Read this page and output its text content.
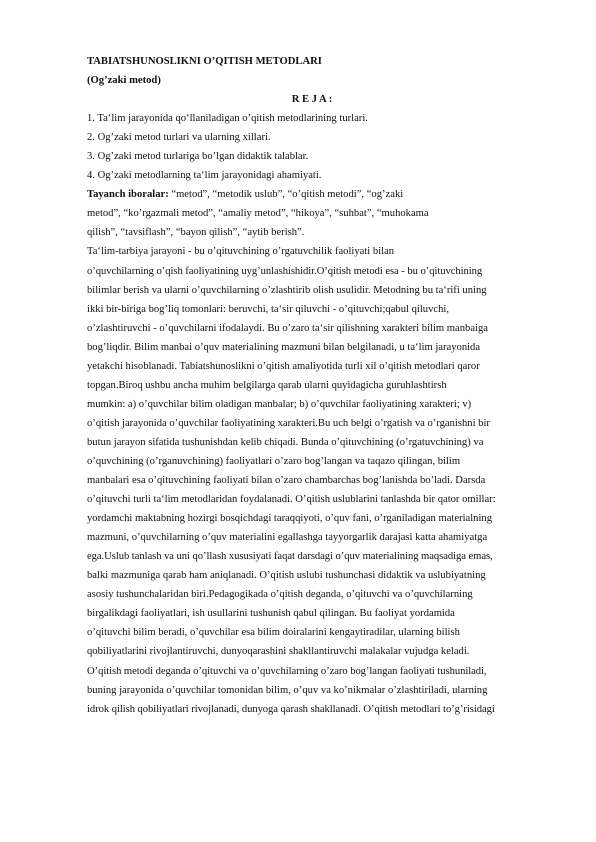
TABIATSHUNOSLIKNI O’QITISH METODLARI
(Og’zaki metod)
R E J A :
1. Ta‘lim jarayonida qo‘llaniladigan o’qitish metodlarining turlari.
2. Og’zaki metod turlari va ularning xillari.
3. Og’zaki metod turlariga bo’lgan didaktik talablar.
4. Og’zaki metodlarning ta‘lim jarayonidagi ahamiyati.
Tayanch iboralar: “metod”, “metodik uslub”, “o’qitish metodi”, “og’zaki
metod”, “ko’rgazmali metod”, “amaliy metod”, “hikoya”, “suhbat”, “muhokama
qilish”, “tavsiflash”, “bayon qilish”, “aytib berish”.
Ta‘lim-tarbiya jarayoni - bu o’qituvchining o’rgatuvchilik faoliyati bilan
o’quvchilarning o’qish faoliyatining uyg’unlashishidir.O’qitish metodi esa - bu o’qituvchining
bilimlar berish va ularni o’quvchilarning o’zlashtirib olish usulidir. Metodning bu ta‘rifi uning
ikki bir-biriga bog’liq tomonlari: beruvchi, ta‘sir qiluvchi - o’qituvchi;qabul qiluvchi,
o’zlashtiruvchi - o’quvchilarni ifodalaydi. Bu o’zaro ta‘sir qilishning xarakteri bilim manbaiga
bog’liqdir. Bilim manbai o’quv materialining mazmuni bilan belgilanadi, u ta‘lim jarayonida
yetakchi hisoblanadi. Tabiatshunoslikni o’qitish amaliyotida turli xil o’qitish metodlari qaror
topgan.Biroq ushbu ancha muhim belgilarga qarab ularni quyidagicha guruhlashtirsh
mumkin: a) o’quvchilar bilim oladigan manbalar; b) o’quvchilar faoliyatining xarakteri; v)
o’qitish jarayonida o’quvchilar faoliyatining xarakteri.Bu uch belgi o’rgatish va o’rganishni bir
butun jarayon sifatida tushunishdan kelib chiqadi. Bunda o’qituvchining (o’rgatuvchining) va
o’quvchining (o’rganuvchining) faoliyatlari o’zaro bog’langan va taqazo qilingan, bilim
manbalari esa o’qituvchining faoliyati bilan o’zaro chambarchas bog’lanishda bo’ladi. Darsda
o’qituvchi turli ta‘lim metodlaridan foydalanadi. O’qitish uslublarini tanlashda bir qator omillar:
yordamchi maktabning hozirgi bosqichdagi taraqqiyoti, o’quv fani, o’rganiladigan materialning
mazmuni, o’quvchilarning o’quv materialini egallashga tayyorgarlik darajasi katta ahamiyatga
ega.Uslub tanlash va uni qo’llash xususiyati faqat darsdagi o’quv materialining maqsadiga emas,
balki mazmuniga qarab ham aniqlanadi. O’qitish uslubi tushunchasi didaktik va uslubiyatning
asosiy tushunchalaridan biri.Pedagogikada o’qitish deganda, o’qituvchi va o’quvchilarning
birgalikdagi faoliyatlari, ish usullarini tushunish qabul qilingan. Bu faoliyat yordamida
o’qituvchi bilim beradi, o’quvchilar esa bilim doiralarini kengaytiradilar, ularning bilish
qobiliyatlarini rivojlantiruvchi, dunyoqarashini shakllantiruvchi malakalar vujudga keladi.
O’qitish metodi deganda o’qituvchi va o’quvchilarning o’zaro bog’langan faoliyati tushuniladi,
buning jarayonida o’quvchilar tomonidan bilim, o’quv va ko’nikmalar o’zlashtiriladi, ularning
idrok qilish qobiliyatlari rivojlanadi, dunyoga qarash shakllanadi. O’qitish metodlari to’g’risidagi
